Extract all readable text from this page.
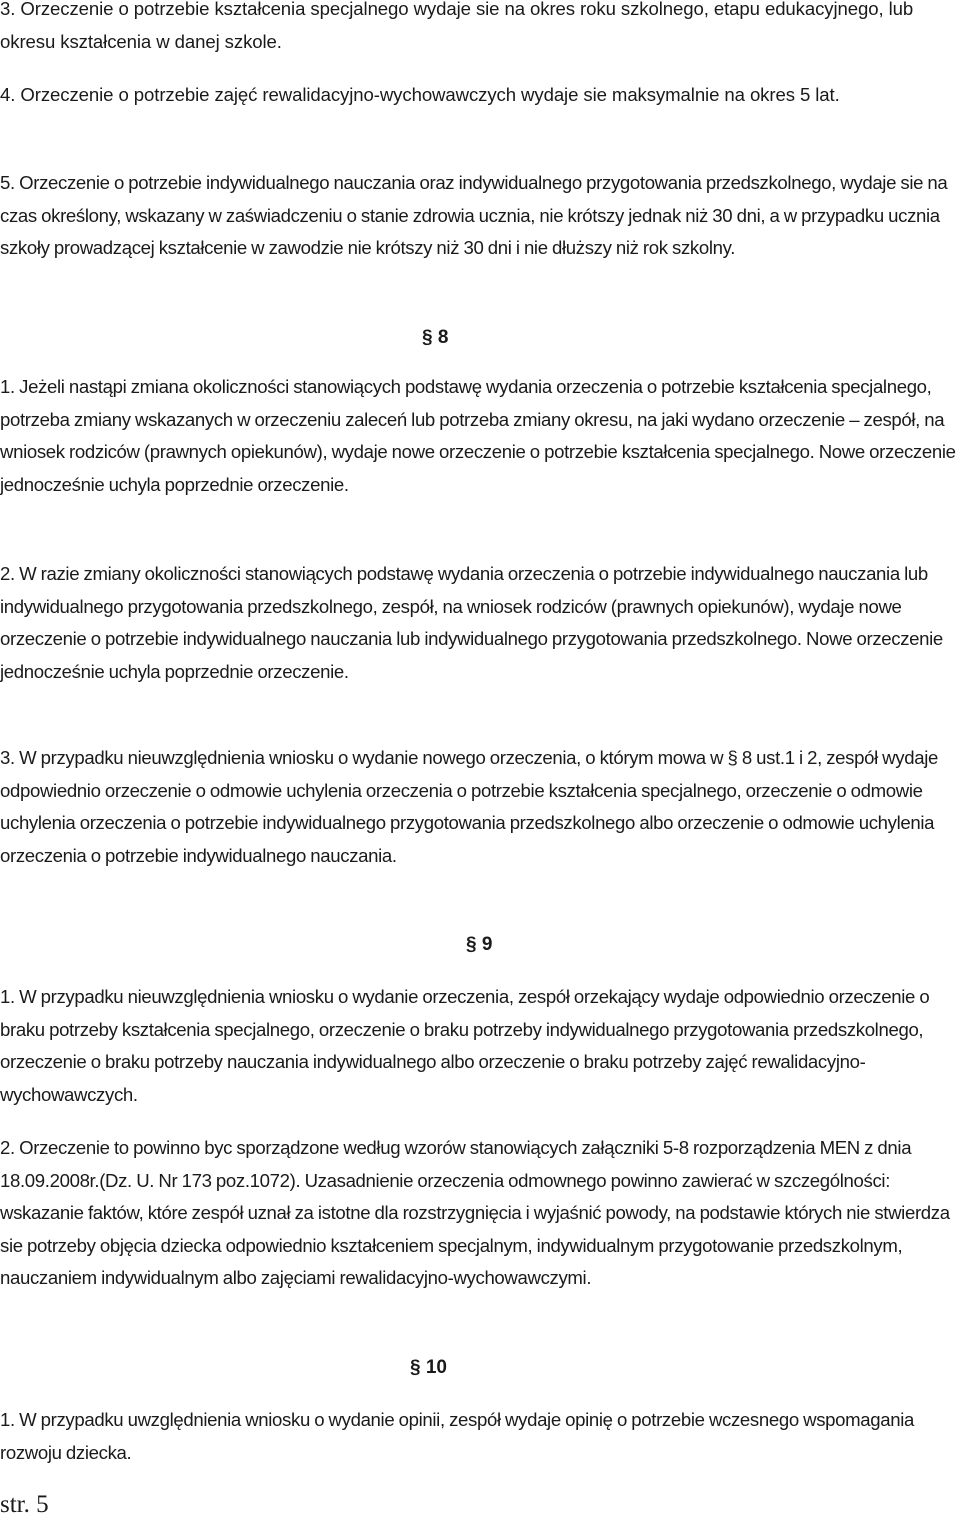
3. Orzeczenie o potrzebie kształcenia specjalnego wydaje sie na okres roku szkolnego, etapu edukacyjnego, lub okresu kształcenia w danej szkole.

4. Orzeczenie o potrzebie zajęć rewalidacyjno-wychowawczych wydaje sie maksymalnie na okres 5 lat.

5. Orzeczenie o potrzebie indywidualnego nauczania oraz indywidualnego przygotowania przedszkolnego, wydaje sie na czas określony, wskazany w zaświadczeniu o stanie zdrowia ucznia, nie krótszy jednak niż 30 dni, a w przypadku ucznia szkoły prowadzącej kształcenie w zawodzie nie krótszy niż 30 dni i nie dłuższy niż rok szkolny.

§ 8

1. Jeżeli nastąpi zmiana okoliczności stanowiących podstawę wydania orzeczenia o potrzebie kształcenia specjalnego, potrzeba zmiany wskazanych w orzeczeniu zaleceń lub potrzeba zmiany okresu, na jaki wydano orzeczenie – zespół, na wniosek rodziców (prawnych opiekunów), wydaje nowe orzeczenie o potrzebie kształcenia specjalnego. Nowe orzeczenie jednocześnie uchyla poprzednie orzeczenie.

2. W razie zmiany okoliczności stanowiących podstawę wydania orzeczenia o potrzebie indywidualnego nauczania lub indywidualnego przygotowania przedszkolnego, zespół, na wniosek rodziców (prawnych opiekunów), wydaje nowe orzeczenie o potrzebie indywidualnego nauczania lub indywidualnego przygotowania przedszkolnego. Nowe orzeczenie jednocześnie uchyla poprzednie orzeczenie.

3. W przypadku nieuwzględnienia wniosku o wydanie nowego orzeczenia, o którym mowa w § 8 ust.1 i 2, zespół wydaje odpowiednio orzeczenie o odmowie uchylenia orzeczenia o potrzebie kształcenia specjalnego, orzeczenie o odmowie uchylenia orzeczenia o potrzebie indywidualnego przygotowania przedszkolnego albo orzeczenie o odmowie uchylenia orzeczenia o potrzebie indywidualnego nauczania.

§ 9

1. W przypadku nieuwzględnienia wniosku o wydanie orzeczenia, zespół orzekający wydaje odpowiednio orzeczenie o braku potrzeby kształcenia specjalnego, orzeczenie o braku potrzeby indywidualnego przygotowania przedszkolnego, orzeczenie o braku potrzeby nauczania indywidualnego albo orzeczenie o braku potrzeby zajęć rewalidacyjno-wychowawczych.

2. Orzeczenie to powinno byc sporządzone według wzorów stanowiących załączniki 5-8 rozporządzenia MEN z dnia 18.09.2008r.(Dz. U. Nr 173 poz.1072). Uzasadnienie orzeczenia odmownego powinno zawierać w szczególności: wskazanie faktów, które zespół uznał za istotne dla rozstrzygnięcia i wyjaśnić powody, na podstawie których nie stwierdza sie potrzeby objęcia dziecka odpowiednio kształceniem specjalnym, indywidualnym przygotowanie przedszkolnym, nauczaniem indywidualnym albo zajęciami rewalidacyjno-wychowawczymi.

§ 10

1. W przypadku uwzględnienia wniosku o wydanie opinii, zespół wydaje opinię o potrzebie wczesnego wspomagania rozwoju dziecka.

str. 5
